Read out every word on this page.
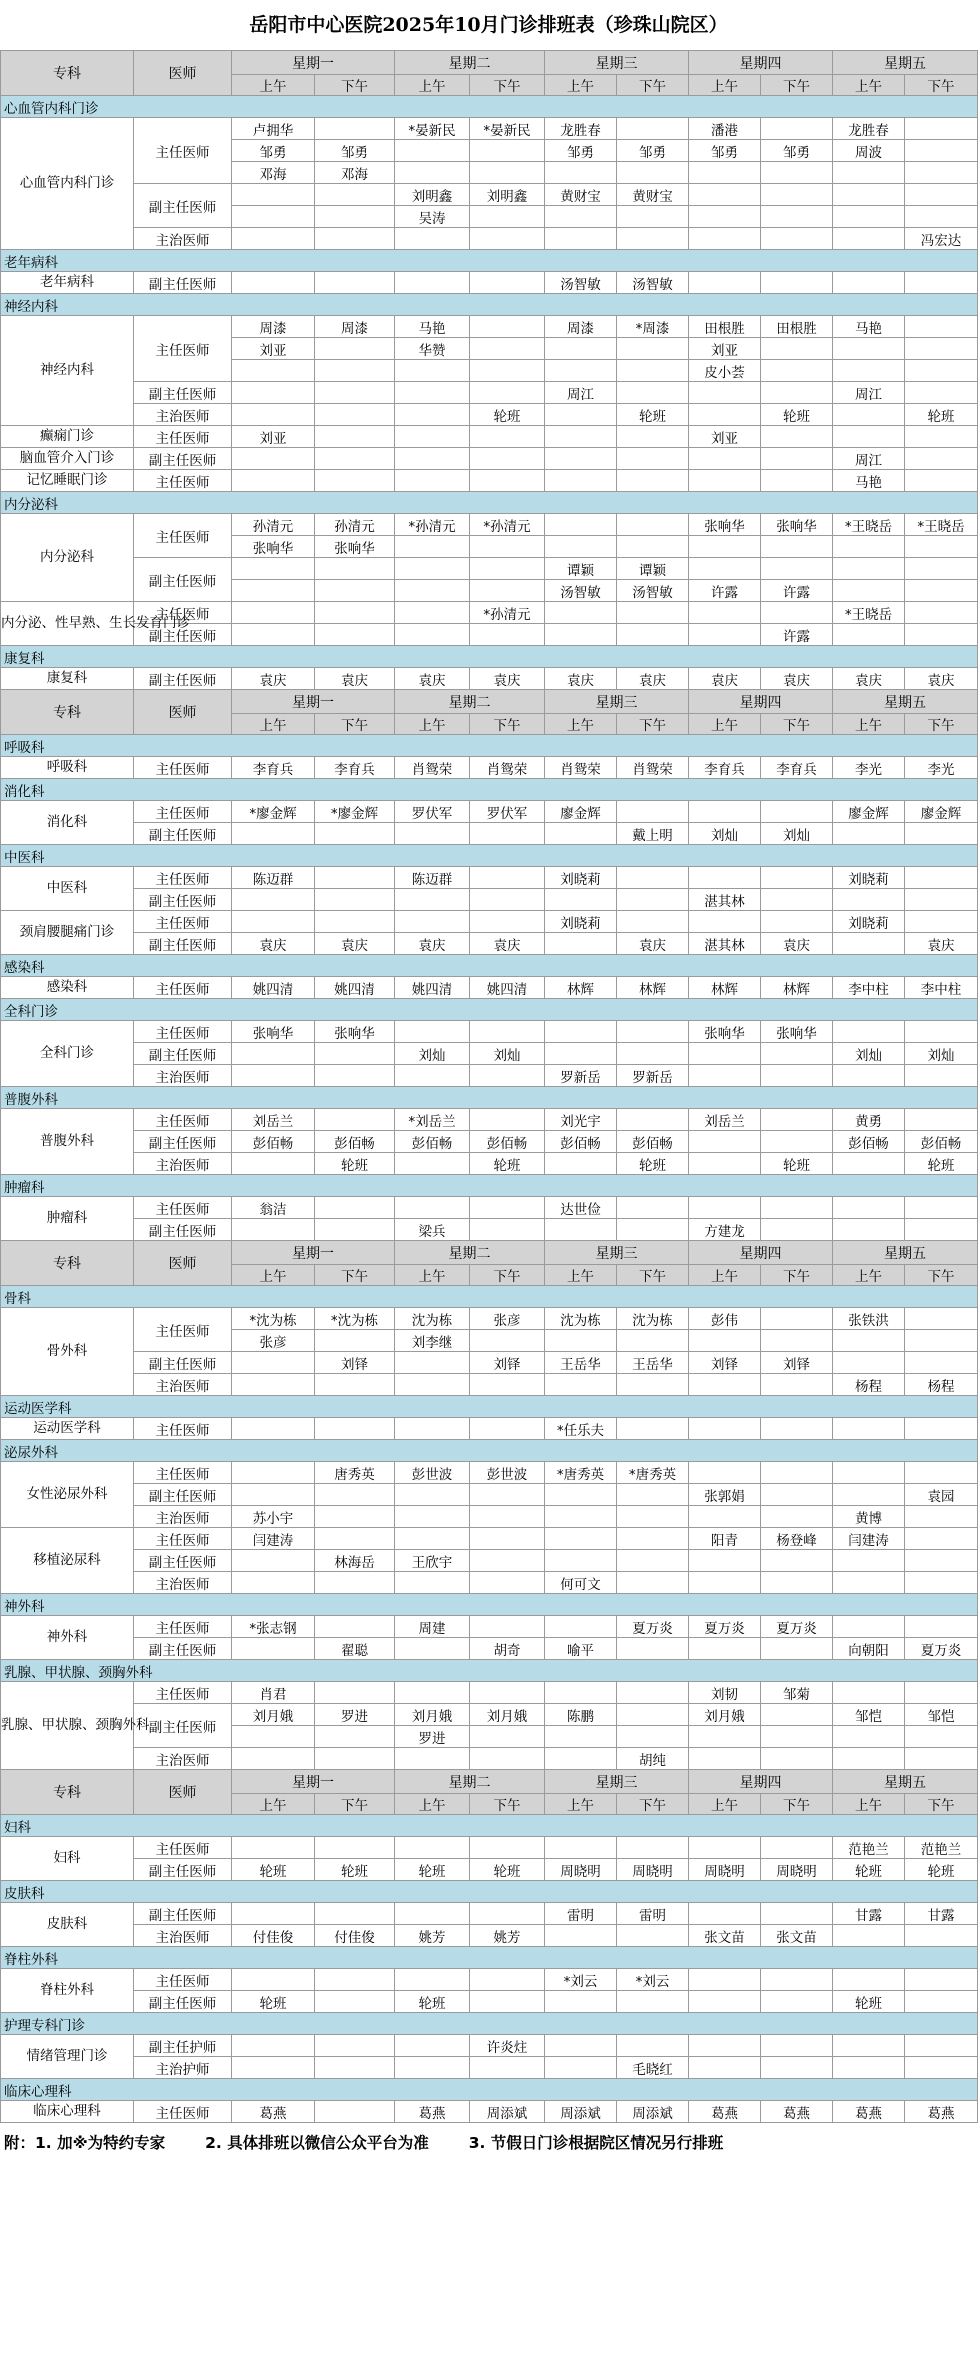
岳阳市中心医院2025年10月门诊排班表（珍珠山院区）
专科	医师	星期一		星期二		星期三		星期四		星期五	
		上午	下午	上午	下午	上午	下午	上午	下午	上午	下午
心血管内科门诊											
心血管内科门诊	主任医师	卢拥华		*晏新民	*晏新民	龙胜春		潘港		龙胜春	
		邹勇	邹勇			邹勇	邹勇	邹勇	邹勇	周波	
		邓海	邓海								
	副主任医师			刘明鑫	刘明鑫	黄财宝	黄财宝				
				吴涛							
	主治医师										冯宏达
老年病科											
老年病科	副主任医师					汤智敏	汤智敏				
神经内科											
神经内科	主任医师	周漆	周漆	马艳		周漆	*周漆	田根胜	田根胜	马艳	
		刘亚		华赞				刘亚			
								皮小荟			
	副主任医师					周江				周江	
	主治医师				轮班		轮班		轮班		轮班
癫痫门诊	主任医师	刘亚						刘亚			
脑血管介入门诊	副主任医师									周江	
记忆睡眠门诊	主任医师									马艳	
内分泌科											
内分泌科	主任医师	孙清元	孙清元	*孙清元	*孙清元			张响华	张响华	*王晓岳	*王晓岳
		张响华	张响华								
	副主任医师					谭颖	谭颖				
						汤智敏	汤智敏	许露	许露		
内分泌、性早熟、生长发育门诊	主任医师				*孙清元					*王晓岳	
	副主任医师								许露		
康复科											
康复科	副主任医师	袁庆	袁庆	袁庆	袁庆	袁庆	袁庆	袁庆	袁庆	袁庆	袁庆
专科	医师	星期一		星期二		星期三		星期四		星期五	
		上午	下午	上午	下午	上午	下午	上午	下午	上午	下午
呼吸科											
呼吸科	主任医师	李育兵	李育兵	肖鸳荣	肖鸳荣	肖鸳荣	肖鸳荣	李育兵	李育兵	李光	李光
消化科											
消化科	主任医师	*廖金辉	*廖金辉	罗伏军	罗伏军	廖金辉				廖金辉	廖金辉
	副主任医师						戴上明	刘灿	刘灿		
中医科											
中医科	主任医师	陈迈群		陈迈群		刘晓莉				刘晓莉	
	副主任医师							湛其林			
颈肩腰腿痛门诊	主任医师					刘晓莉				刘晓莉	
	副主任医师	袁庆	袁庆	袁庆	袁庆		袁庆	湛其林	袁庆		袁庆
感染科											
感染科	主任医师	姚四清	姚四清	姚四清	姚四清	林辉	林辉	林辉	林辉	李中柱	李中柱
全科门诊											
全科门诊	主任医师	张响华	张响华					张响华	张响华		
	副主任医师			刘灿	刘灿					刘灿	刘灿
	主治医师					罗新岳	罗新岳				
普腹外科											
普腹外科	主任医师	刘岳兰		*刘岳兰		刘光宇		刘岳兰		黄勇	
	副主任医师	彭佰畅	彭佰畅	彭佰畅	彭佰畅	彭佰畅	彭佰畅			彭佰畅	彭佰畅
	主治医师		轮班		轮班		轮班		轮班		轮班
肿瘤科											
肿瘤科	主任医师	翁洁				达世俭					
	副主任医师			梁兵				方建龙			
专科	医师	星期一		星期二		星期三		星期四		星期五	
		上午	下午	上午	下午	上午	下午	上午	下午	上午	下午
骨科											
骨外科	主任医师	*沈为栋	*沈为栋	沈为栋	张彦	沈为栋	沈为栋	彭伟		张铁洪	
		张彦		刘李继							
	副主任医师		刘铎		刘铎	王岳华	王岳华	刘铎	刘铎		
	主治医师									杨程	杨程
运动医学科											
运动医学科	主任医师					*任乐夫					
泌尿外科											
女性泌尿外科	主任医师		唐秀英	彭世波	彭世波	*唐秀英	*唐秀英				
	副主任医师							张郭娟			袁园
	主治医师	苏小宇								黄博	
移植泌尿科	主任医师	闫建涛						阳青	杨登峰	闫建涛	
	副主任医师		林海岳	王欣宇							
	主治医师					何可文					
神外科											
神外科	主任医师	*张志钢		周建			夏万炎	夏万炎	夏万炎		
	副主任医师		翟聪		胡奇	喻平				向朝阳	夏万炎
乳腺、甲状腺、颈胸外科											
乳腺、甲状腺、颈胸外科	主任医师	肖君						刘韧	邹菊		
	副主任医师	刘月娥	罗进	刘月娥	刘月娥	陈鹏		刘月娥		邹恺	邹恺
				罗进							
	主治医师						胡纯				
专科	医师	星期一		星期二		星期三		星期四		星期五	
		上午	下午	上午	下午	上午	下午	上午	下午	上午	下午
妇科											
妇科	主任医师									范艳兰	范艳兰
	副主任医师	轮班	轮班	轮班	轮班	周晓明	周晓明	周晓明	周晓明	轮班	轮班
皮肤科											
皮肤科	副主任医师					雷明	雷明			甘露	甘露
	主治医师	付佳俊	付佳俊	姚芳	姚芳			张文苗	张文苗		
脊柱外科											
脊柱外科	主任医师					*刘云	*刘云				
	副主任医师	轮班		轮班						轮班	
护理专科门诊											
情绪管理门诊	副主任护师				许炎炷						
	主治护师						毛晓红				
临床心理科											
临床心理科	主任医师	葛燕		葛燕	周添斌	周添斌	周添斌	葛燕	葛燕	葛燕	葛燕
附：1. 加※为特约专家	2. 具体排班以微信公众平台为准	3. 节假日门诊根据院区情况另行排班
